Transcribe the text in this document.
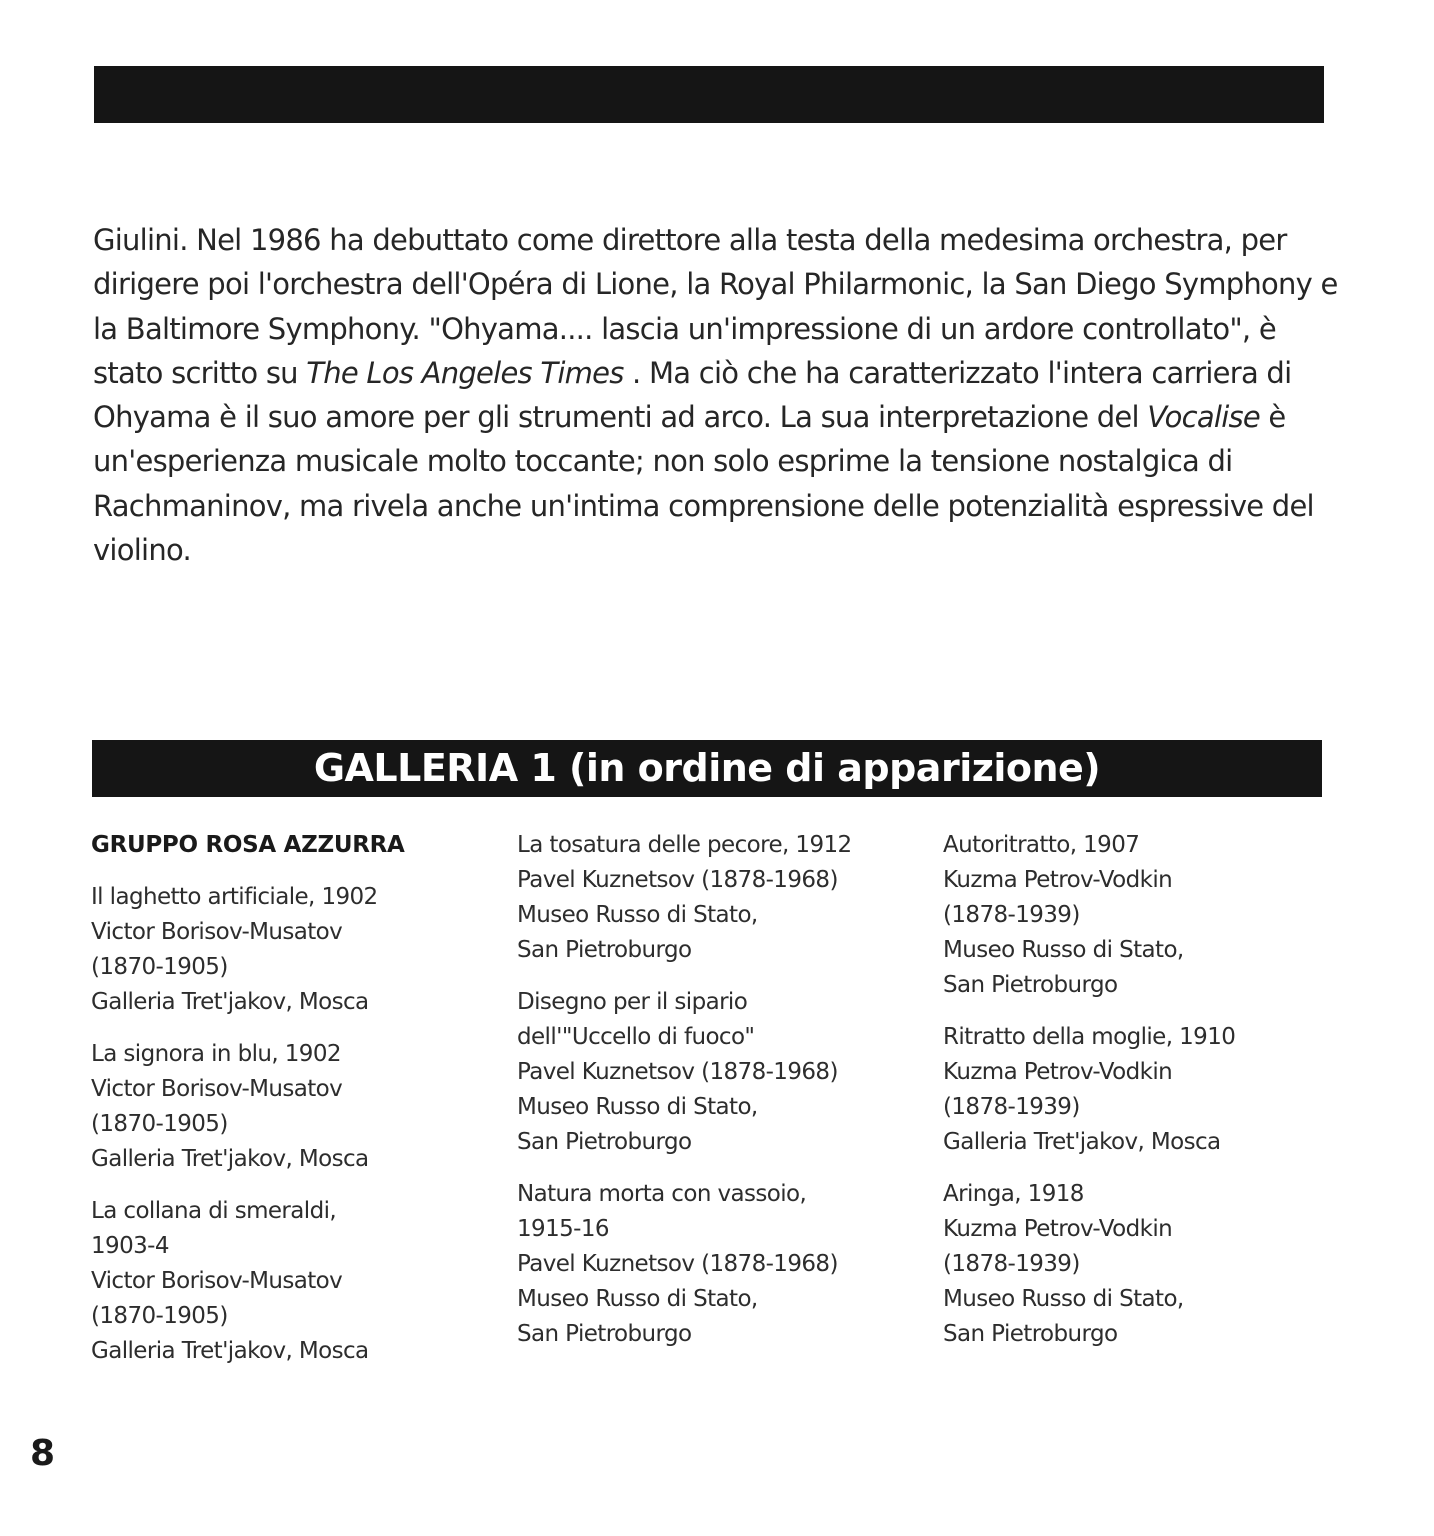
Giulini. Nel 1986 ha debuttato come direttore alla testa della medesima orchestra, per dirigere poi l'orchestra dell'Opéra di Lione, la Royal Philarmonic, la San Diego Symphony e la Baltimore Symphony. "Ohyama.... lascia un'impressione di un ardore controllato", è stato scritto su The Los Angeles Times . Ma ciò che ha caratterizzato l'intera carriera di Ohyama è il suo amore per gli strumenti ad arco. La sua interpretazione del Vocalise è un'esperienza musicale molto toccante; non solo esprime la tensione nostalgica di Rachmaninov, ma rivela anche un'intima comprensione delle potenzialità espressive del violino.

GALLERIA 1 (in ordine di apparizione)
GRUPPO ROSA AZZURRA
Il laghetto artificiale, 1902
Victor Borisov-Musatov
(1870-1905)
Galleria Tret'jakov, Mosca
La signora in blu, 1902
Victor Borisov-Musatov
(1870-1905)
Galleria Tret'jakov, Mosca
La collana di smeraldi,
1903-4
Victor Borisov-Musatov
(1870-1905)
Galleria Tret'jakov, Mosca
La tosatura delle pecore, 1912
Pavel Kuznetsov (1878-1968)
Museo Russo di Stato,
San Pietroburgo
Disegno per il sipario
dell'"Uccello di fuoco"
Pavel Kuznetsov (1878-1968)
Museo Russo di Stato,
San Pietroburgo
Natura morta con vassoio,
1915-16
Pavel Kuznetsov (1878-1968)
Museo Russo di Stato,
San Pietroburgo
Autoritratto, 1907
Kuzma Petrov-Vodkin
(1878-1939)
Museo Russo di Stato,
San Pietroburgo
Ritratto della moglie, 1910
Kuzma Petrov-Vodkin
(1878-1939)
Galleria Tret'jakov, Mosca
Aringa, 1918
Kuzma Petrov-Vodkin
(1878-1939)
Museo Russo di Stato,
San Pietroburgo
8
